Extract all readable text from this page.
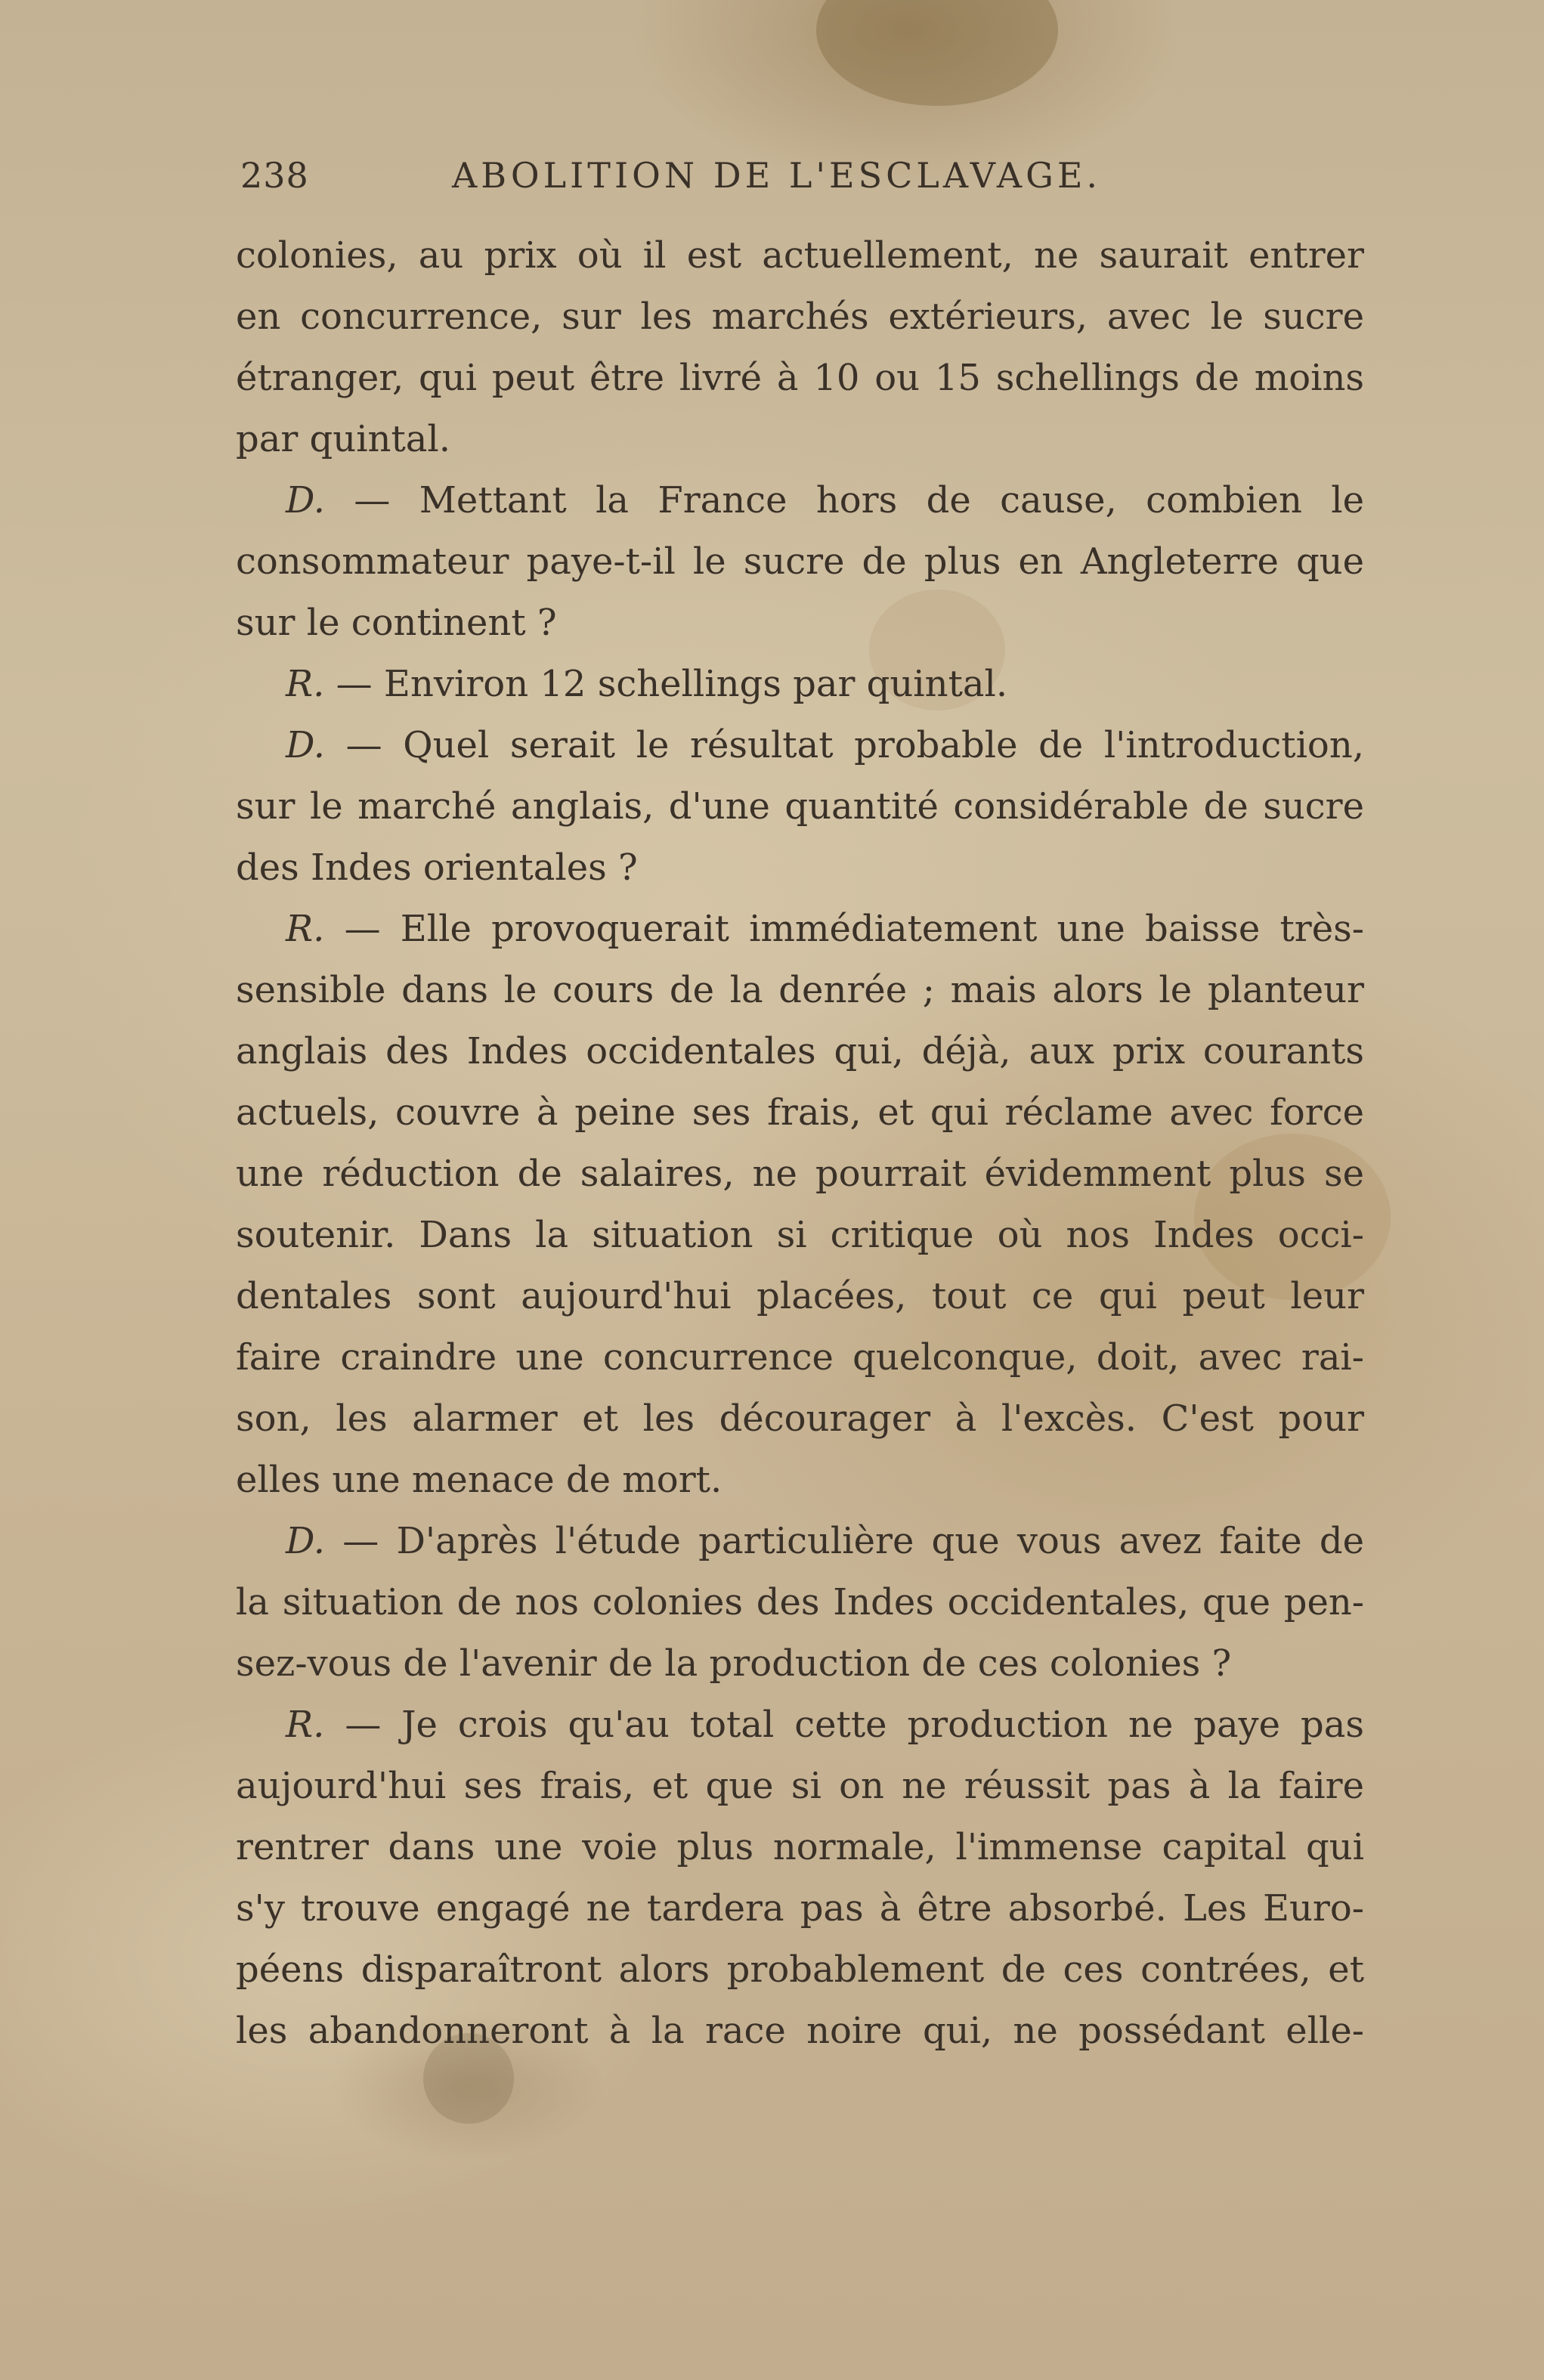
238	ABOLITION DE L'ESCLAVAGE.
colonies, au prix où il est actuellement, ne saurait entrer
en concurrence, sur les marchés extérieurs, avec le sucre
étranger, qui peut être livré à 10 ou 15 schellings de moins
par quintal.
D. — Mettant la France hors de cause, combien le
consommateur paye-t-il le sucre de plus en Angleterre que
sur le continent ?
R. — Environ 12 schellings par quintal.
D. — Quel serait le résultat probable de l'introduction,
sur le marché anglais, d'une quantité considérable de sucre
des Indes orientales ?
R. — Elle provoquerait immédiatement une baisse très-
sensible dans le cours de la denrée ; mais alors le planteur
anglais des Indes occidentales qui, déjà, aux prix courants
actuels, couvre à peine ses frais, et qui réclame avec force
une réduction de salaires, ne pourrait évidemment plus se
soutenir. Dans la situation si critique où nos Indes occi-
dentales sont aujourd'hui placées, tout ce qui peut leur
faire craindre une concurrence quelconque, doit, avec rai-
son, les alarmer et les décourager à l'excès. C'est pour
elles une menace de mort.
D. — D'après l'étude particulière que vous avez faite de
la situation de nos colonies des Indes occidentales, que pen-
sez-vous de l'avenir de la production de ces colonies ?
R. — Je crois qu'au total cette production ne paye pas
aujourd'hui ses frais, et que si on ne réussit pas à la faire
rentrer dans une voie plus normale, l'immense capital qui
s'y trouve engagé ne tardera pas à être absorbé. Les Euro-
péens disparaîtront alors probablement de ces contrées, et
les abandonneront à la race noire qui, ne possédant elle-
